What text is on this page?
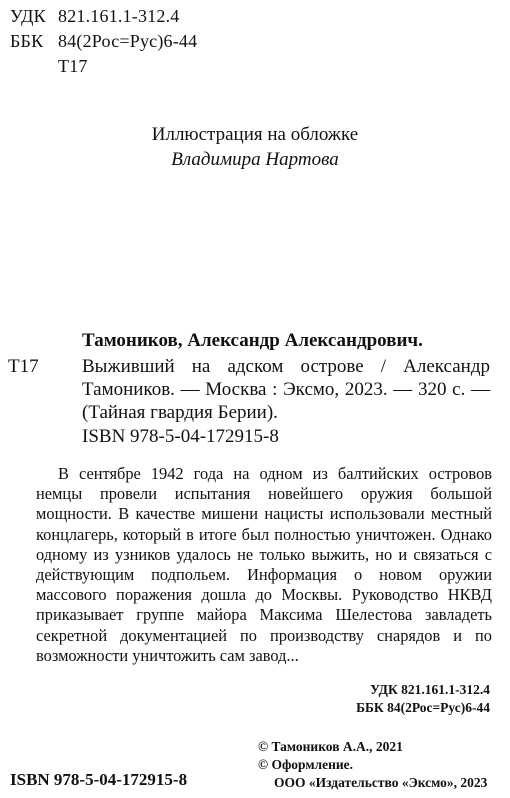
УДК 821.161.1-312.4
ББК 84(2Рос=Рус)6-44
Т17
Иллюстрация на обложке
Владимира Нартова
Тамоников, Александр Александрович.
Т17 Выживший на адском острове / Александр Тамоников. — Москва : Эксмо, 2023. — 320 с. — (Тайная гвардия Берии).
ISBN 978-5-04-172915-8
В сентябре 1942 года на одном из балтийских островов немцы провели испытания новейшего оружия большой мощности. В качестве мишени нацисты использовали местный концлагерь, который в итоге был полностью уничтожен. Однако одному из узников удалось не только выжить, но и связаться с действующим подпольем. Информация о новом оружии массового поражения дошла до Москвы. Руководство НКВД приказывает группе майора Максима Шелестова завладеть секретной документацией по производству снарядов и по возможности уничтожить сам завод...
УДК 821.161.1-312.4
ББК 84(2Рос=Рус)6-44
© Тамоников А.А., 2021
© Оформление.
ООО «Издательство «Эксмо», 2023
ISBN 978-5-04-172915-8
